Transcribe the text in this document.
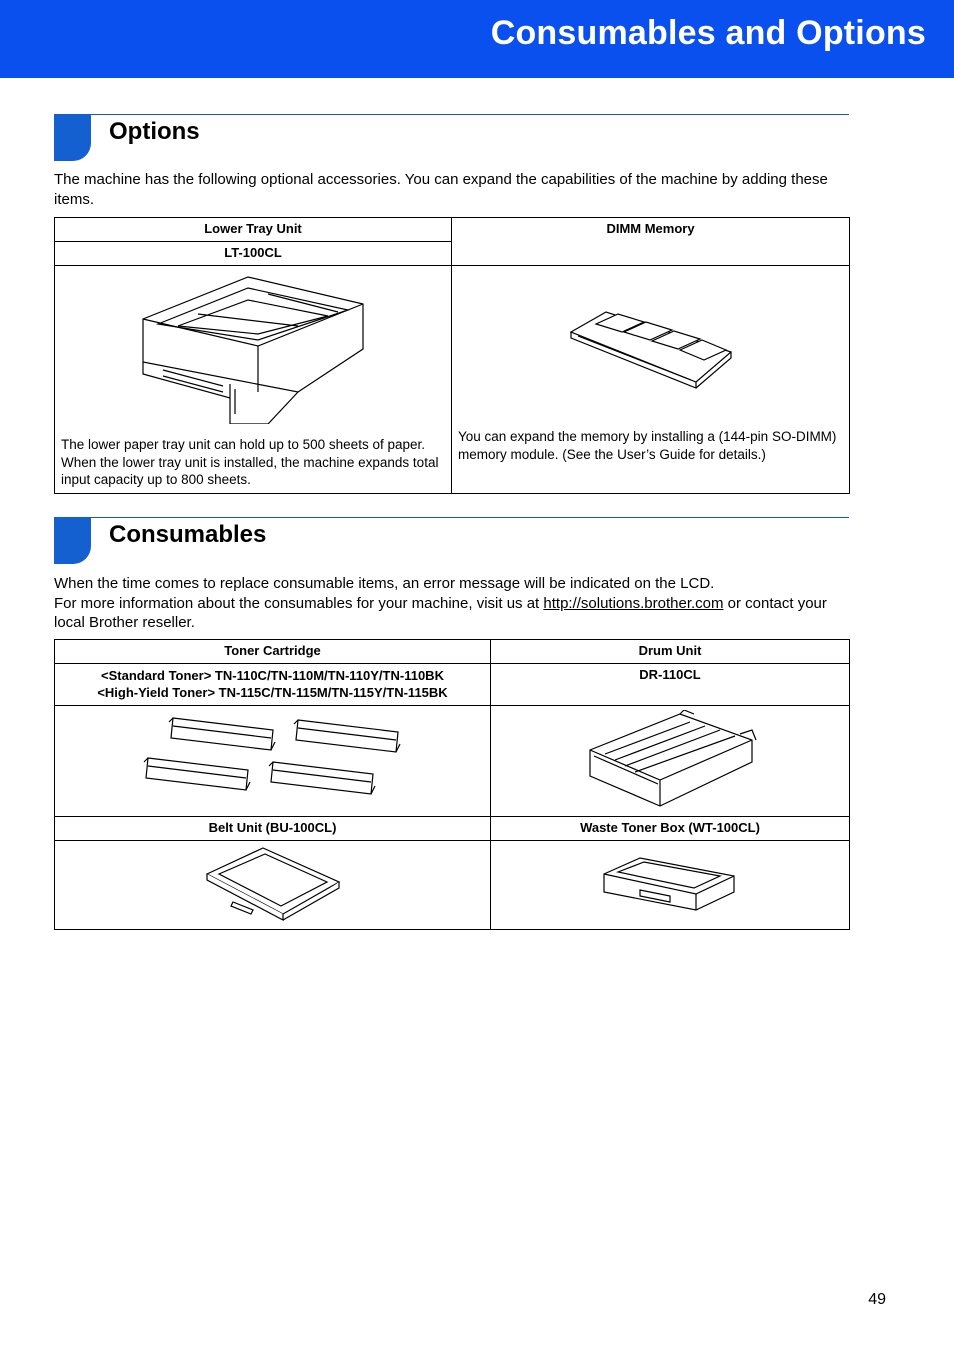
Consumables and Options
Options
The machine has the following optional accessories. You can expand the capabilities of the machine by adding these items.
Lower Tray Unit	DIMM Memory
LT-100CL	

The lower paper tray unit can hold up to 500 sheets of paper. When the lower tray unit is installed, the machine expands total input capacity up to 800 sheets.	You can expand the memory by installing a (144-pin SO-DIMM) memory module. (See the User’s Guide for details.)
Consumables
When the time comes to replace consumable items, an error message will be indicated on the LCD.
For more information about the consumables for your machine, visit us at http://solutions.brother.com or contact your local Brother reseller.
Toner Cartridge	Drum Unit

<Standard Toner> TN-110C/TN-110M/TN-110Y/TN-110BK
<High-Yield Toner> TN-115C/TN-115M/TN-115Y/TN-115BK	DR-110CL

Belt Unit (BU-100CL)	Waste Toner Box (WT-100CL)

49
